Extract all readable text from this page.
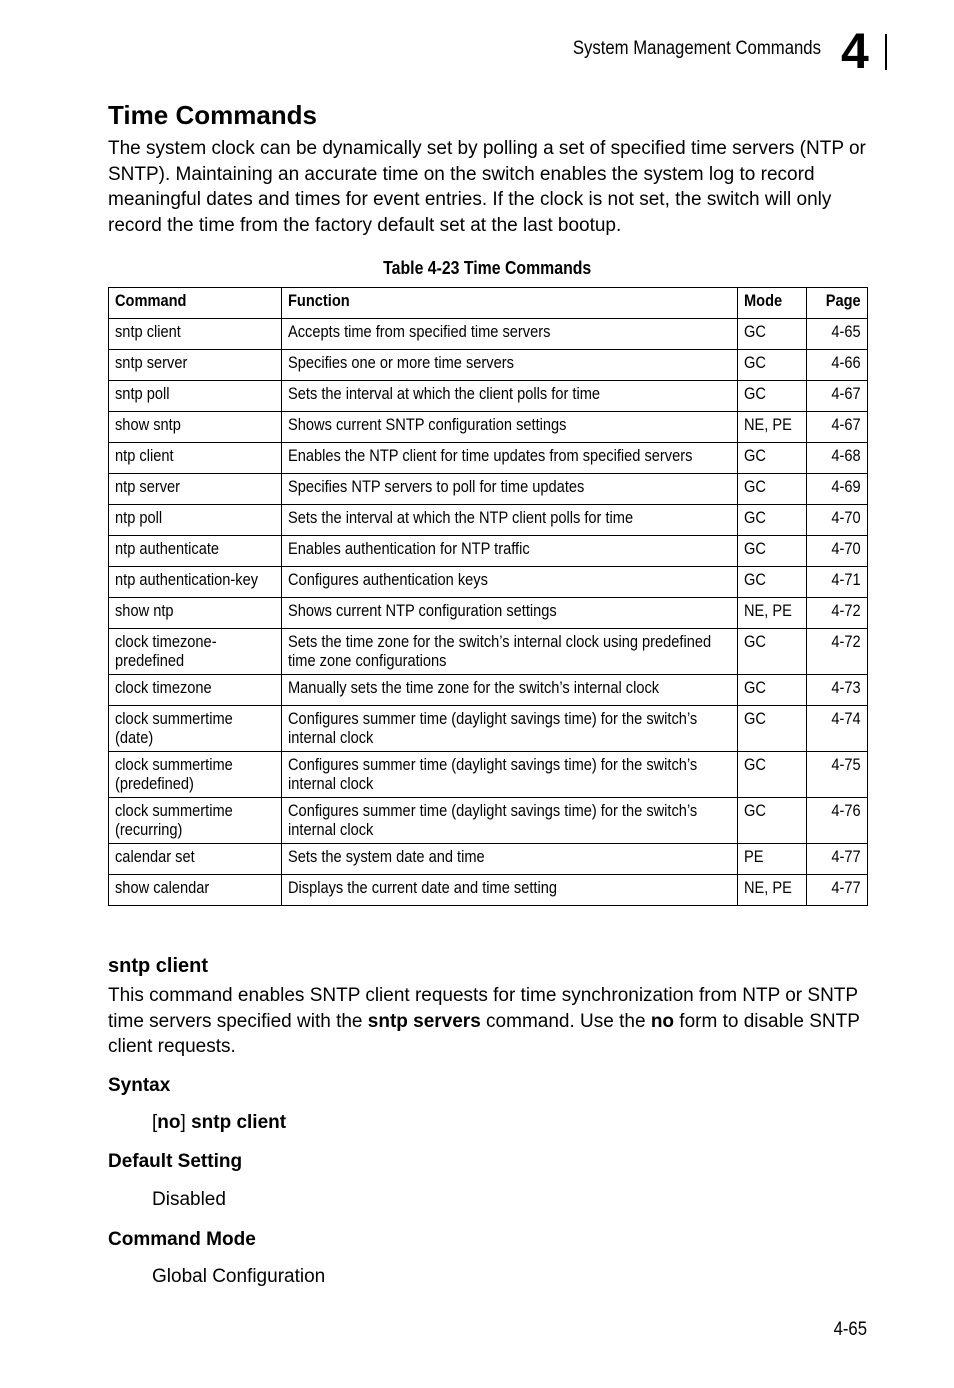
System Management Commands 4
Time Commands

The system clock can be dynamically set by polling a set of specified time servers (NTP or SNTP). Maintaining an accurate time on the switch enables the system log to record meaningful dates and times for event entries. If the clock is not set, the switch will only record the time from the factory default set at the last bootup.

Table 4-23 Time Commands
Command	Function	Mode	Page

sntp client	Accepts time from specified time servers	GC	4-65

sntp server	Specifies one or more time servers	GC	4-66

sntp poll	Sets the interval at which the client polls for time	GC	4-67

show sntp	Shows current SNTP configuration settings	NE, PE	4-67

ntp client	Enables the NTP client for time updates from specified servers	GC	4-68

ntp server	Specifies NTP servers to poll for time updates	GC	4-69

ntp poll	Sets the interval at which the NTP client polls for time	GC	4-70

ntp authenticate	Enables authentication for NTP traffic	GC	4-70

ntp authentication-key	Configures authentication keys	GC	4-71

show ntp	Shows current NTP configuration settings	NE, PE	4-72

clock timezone-predefined	Sets the time zone for the switch’s internal clock using predefined time zone configurations	GC	4-72

clock timezone	Manually sets the time zone for the switch’s internal clock	GC	4-73

clock summertime (date)	Configures summer time (daylight savings time) for the switch’s internal clock	GC	4-74

clock summertime (predefined)	Configures summer time (daylight savings time) for the switch’s internal clock	GC	4-75

clock summertime (recurring)	Configures summer time (daylight savings time) for the switch’s internal clock	GC	4-76

calendar set	Sets the system date and time	PE	4-77

show calendar	Displays the current date and time setting	NE, PE	4-77
sntp client

This command enables SNTP client requests for time synchronization from NTP or SNTP time servers specified with the sntp servers command. Use the no form to disable SNTP client requests.

Syntax
[no] sntp client
Default Setting
Disabled
Command Mode
Global Configuration
4-65
